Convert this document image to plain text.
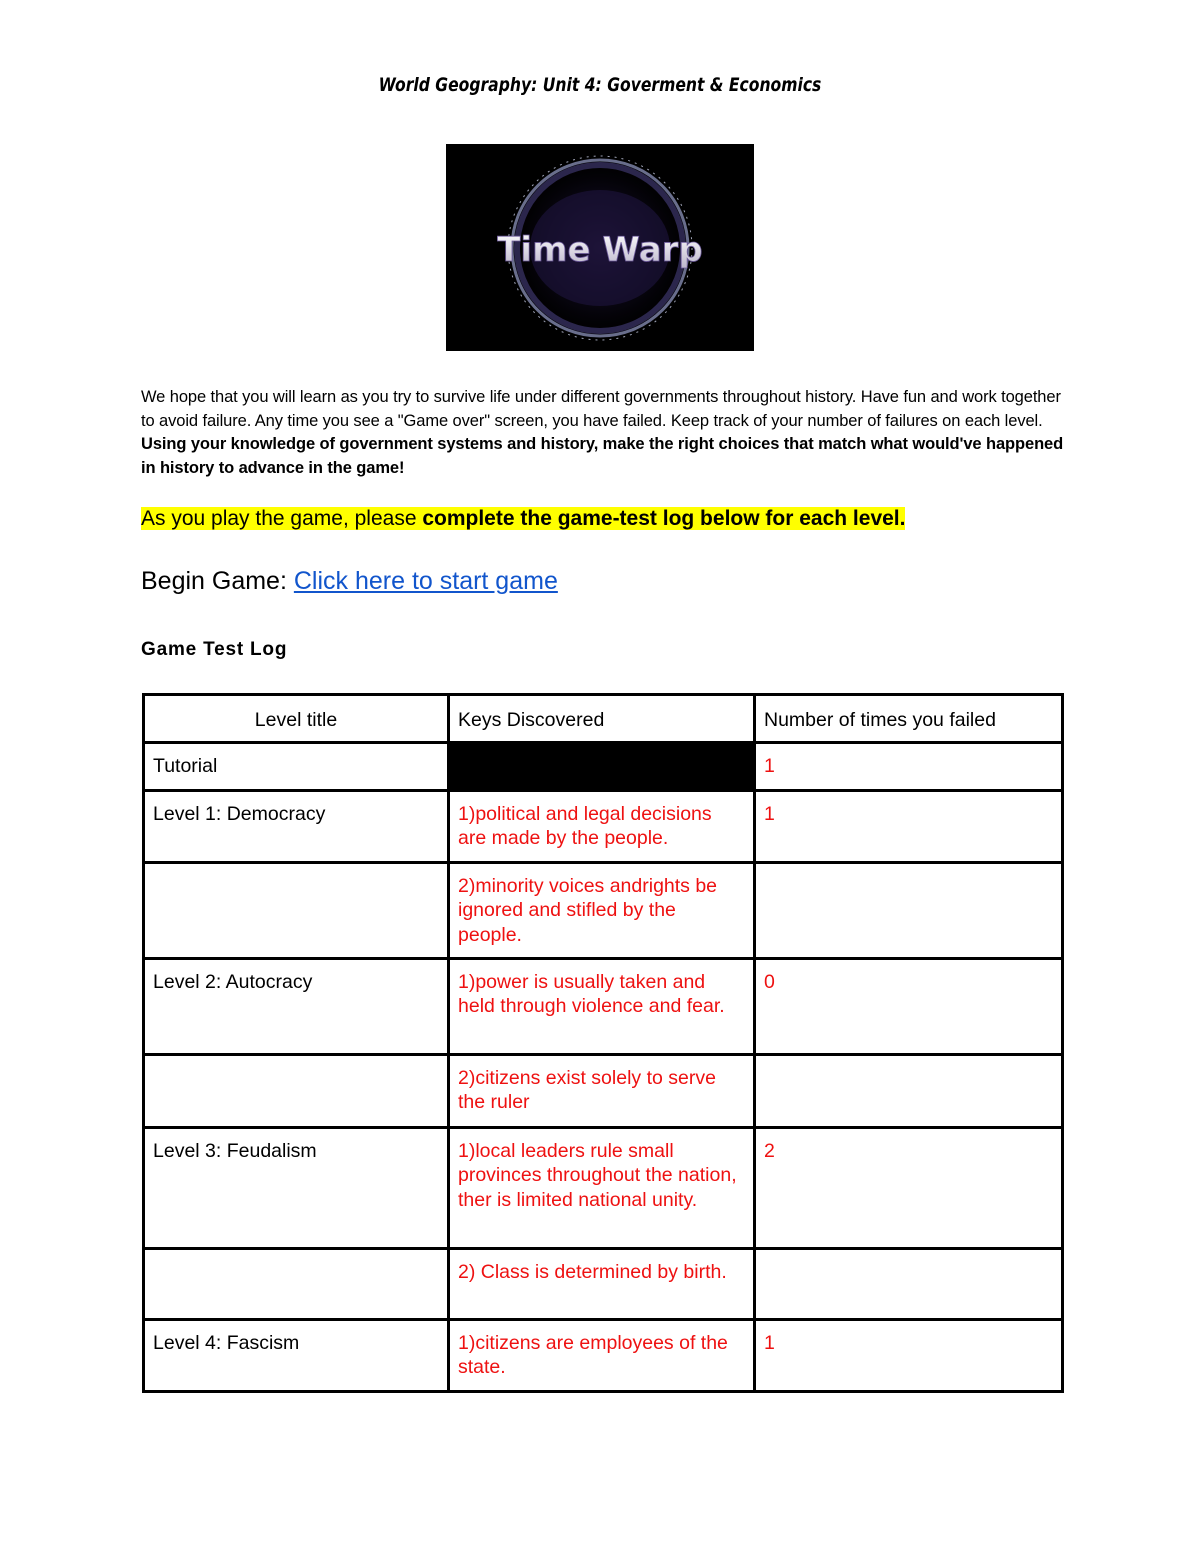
World Geography: Unit 4: Goverment & Economics
Time Warp
We hope that you will learn as you try to survive life under different governments throughout history. Have fun and work together to avoid failure. Any time you see a "Game over" screen, you have failed. Keep track of your number of failures on each level. Using your knowledge of government systems and history, make the right choices that match what would've happened in history to advance in the game!
As you play the game, please complete the game-test log below for each level.
Begin Game: Click here to start game
Game Test Log
Level title	Keys Discovered	Number of times you failed
Tutorial		1
Level 1: Democracy	1)political and legal decisions are made by the people.	1
	2)minority voices andrights be ignored and stifled by the people.	
Level 2: Autocracy	1)power is usually taken and held through violence and fear.	0
	2)citizens exist solely to serve the ruler	
Level 3: Feudalism	1)local leaders rule small provinces throughout the nation, ther is limited national unity.	2
	2) Class is determined by birth.	
Level 4: Fascism	1)citizens are employees of the state.	1
